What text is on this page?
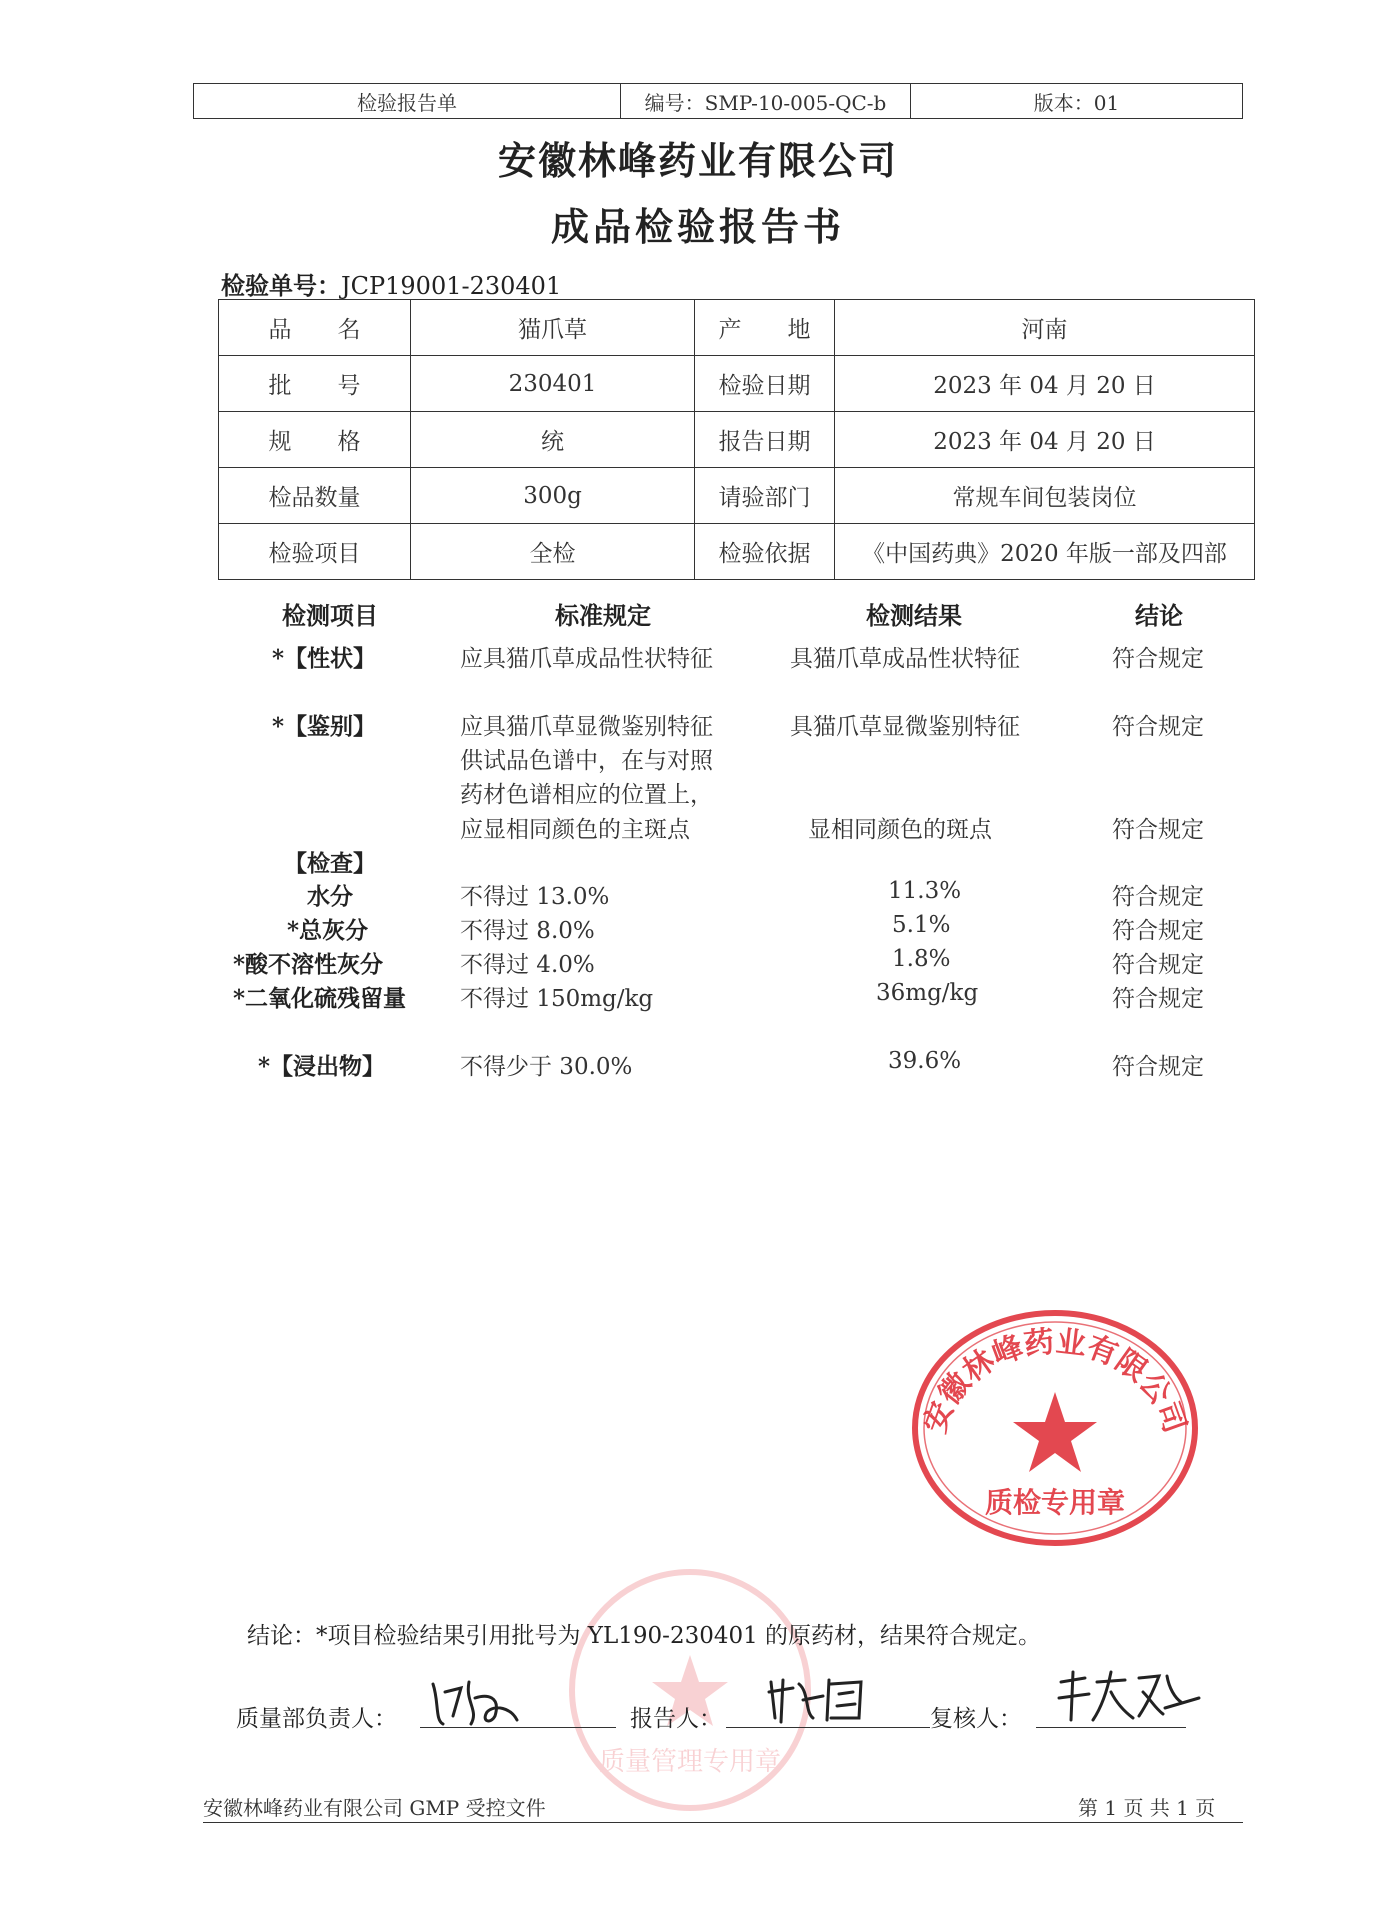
检验报告单	编号：SMP-10-005-QC-b	版本：01
安徽林峰药业有限公司
成品检验报告书
检验单号：JCP19001-230401
品　　名	猫爪草	产　　地	河南
批　　号	230401	检验日期	2023 年 04 月 20 日
规　　格	统	报告日期	2023 年 04 月 20 日
检品数量	300g	请验部门	常规车间包装岗位
检验项目	全检	检验依据	《中国药典》2020 年版一部及四部
检测项目	标准规定	检测结果	结论
*【性状】	应具猫爪草成品性状特征	具猫爪草成品性状特征	符合规定
*【鉴别】	应具猫爪草显微鉴别特征	具猫爪草显微鉴别特征	符合规定
供试品色谱中，在与对照
药材色谱相应的位置上，
应显相同颜色的主斑点	显相同颜色的斑点	符合规定
【检查】
水分	不得过 13.0%	11.3%	符合规定
*总灰分	不得过 8.0%	5.1%	符合规定
*酸不溶性灰分	不得过 4.0%	1.8%	符合规定
*二氧化硫残留量 不得过 150mg/kg	36mg/kg	符合规定
*【浸出物】	不得少于 30.0%	39.6%	符合规定
质量管理专用章
安徽林峰药业有限公司
质检专用章
结论：*项目检验结果引用批号为 YL190-230401 的原药材，结果符合规定。
质量部负责人：	报告人：	复核人：
安徽林峰药业有限公司 GMP 受控文件	第 1 页 共 1 页
